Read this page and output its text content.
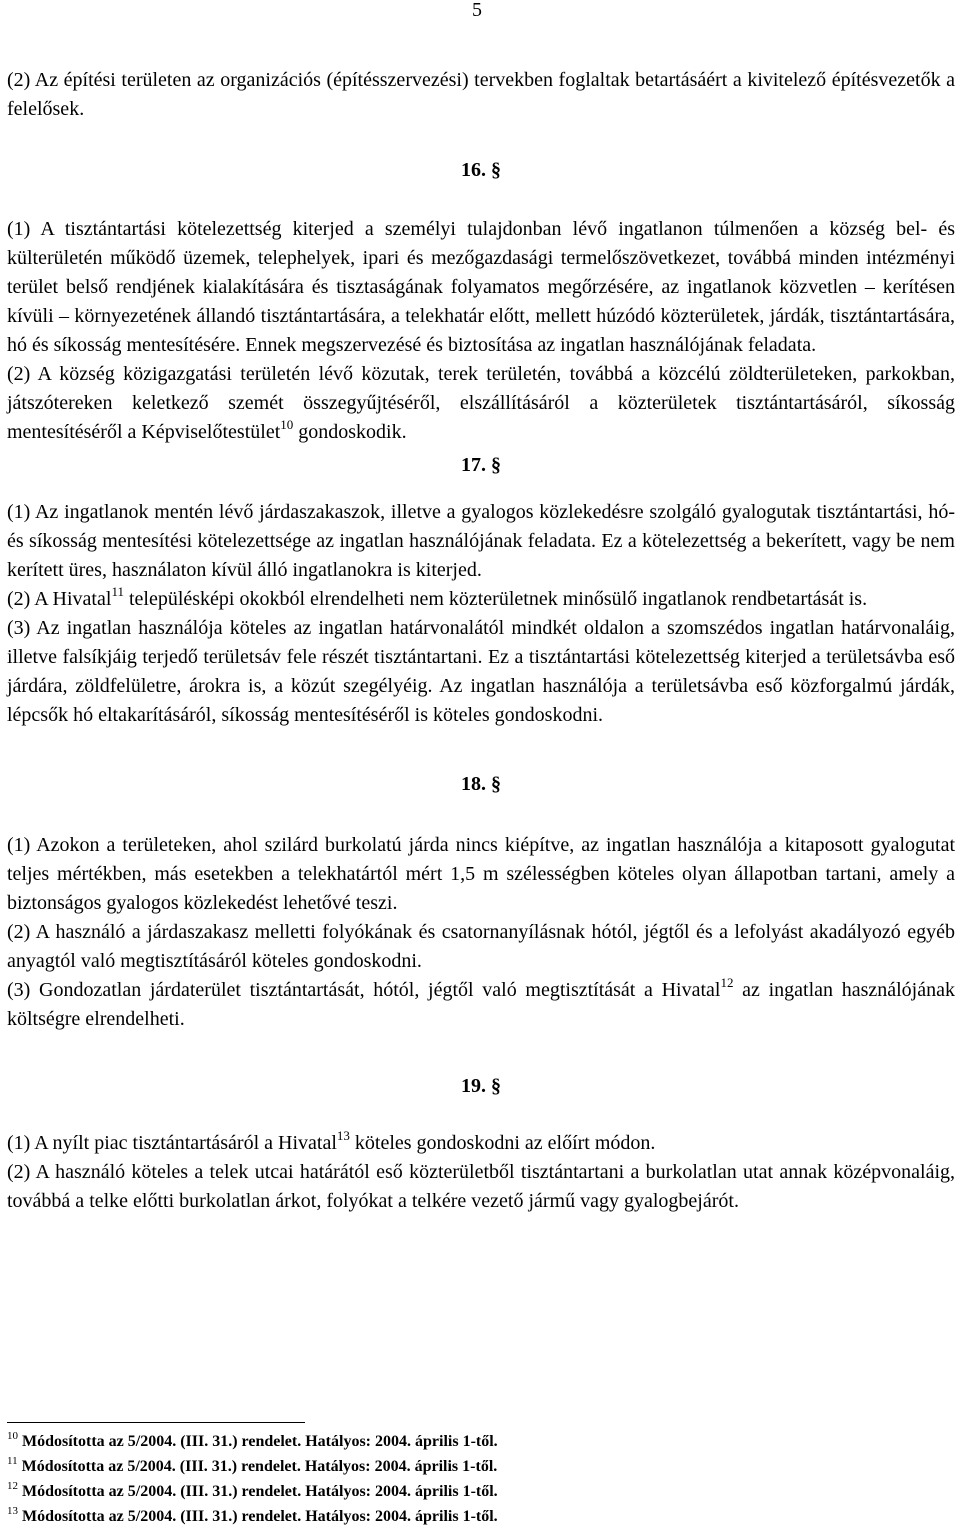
5

(2) Az építési területen az organizációs (építésszervezési) tervekben foglaltak betartásáért a kivitelező építésvezetők a felelősek.

16. §

(1) A tisztántartási kötelezettség kiterjed a személyi tulajdonban lévő ingatlanon túlmenően a község bel- és külterületén működő üzemek, telephelyek, ipari és mezőgazdasági termelőszövetkezet, továbbá minden intézményi terület belső rendjének kialakítására és tisztaságának folyamatos megőrzésére, az ingatlanok közvetlen – kerítésen kívüli – környezetének állandó tisztántartására, a telekhatár előtt, mellett húzódó közterületek, járdák, tisztántartására, hó és síkosság mentesítésére. Ennek megszervezésé és biztosítása az ingatlan használójának feladata.

(2) A község közigazgatási területén lévő közutak, terek területén, továbbá a közcélú zöldterületeken, parkokban, játszótereken keletkező szemét összegyűjtéséről, elszállításáról a közterületek tisztántartásáról, síkosság mentesítéséről a Képviselőtestület$^{10}$ gondoskodik.

17. §

(1) Az ingatlanok mentén lévő járdaszakaszok, illetve a gyalogos közlekedésre szolgáló gyalogutak tisztántartási, hó- és síkosság mentesítési kötelezettsége az ingatlan használójának feladata. Ez a kötelezettség a bekerített, vagy be nem kerített üres, használaton kívül álló ingatlanokra is kiterjed.

(2) A Hivatal$^{11}$ településképi okokból elrendelheti nem közterületnek minősülő ingatlanok rendbetartását is.

(3) Az ingatlan használója köteles az ingatlan határvonalától mindkét oldalon a szomszédos ingatlan határvonaláig, illetve falsíkjáig terjedő területsáv fele részét tisztántartani. Ez a tisztántartási kötelezettség kiterjed a területsávba eső járdára, zöldfelületre, árokra is, a közút szegélyéig. Az ingatlan használója a területsávba eső közforgalmú járdák, lépcsők hó eltakarításáról, síkosság mentesítéséről is köteles gondoskodni.

18. §

(1) Azokon a területeken, ahol szilárd burkolatú járda nincs kiépítve, az ingatlan használója a kitaposott gyalogutat teljes mértékben, más esetekben a telekhatártól mért 1,5 m szélességben köteles olyan állapotban tartani, amely a biztonságos gyalogos közlekedést lehetővé teszi.

(2) A használó a járdaszakasz melletti folyókának és csatornanyílásnak hótól, jégtől és a lefolyást akadályozó egyéb anyagtól való megtisztításáról köteles gondoskodni.

(3) Gondozatlan járdaterület tisztántartását, hótól, jégtől való megtisztítását a Hivatal$^{12}$ az ingatlan használójának költségre elrendelheti.

19. §

(1) A nyílt piac tisztántartásáról a Hivatal$^{13}$ köteles gondoskodni az előírt módon.

(2) A használó köteles a telek utcai határától eső közterületből tisztántartani a burkolatlan utat annak középvonaláig, továbbá a telke előtti burkolatlan árkot, folyókat a telkére vezető jármű vagy gyalogbejárót.

$^{10}$ Módosította az 5/2004. (III. 31.) rendelet. Hatályos: 2004. április 1-től.
$^{11}$ Módosította az 5/2004. (III. 31.) rendelet. Hatályos: 2004. április 1-től.
$^{12}$ Módosította az 5/2004. (III. 31.) rendelet. Hatályos: 2004. április 1-től.
$^{13}$ Módosította az 5/2004. (III. 31.) rendelet. Hatályos: 2004. április 1-től.
